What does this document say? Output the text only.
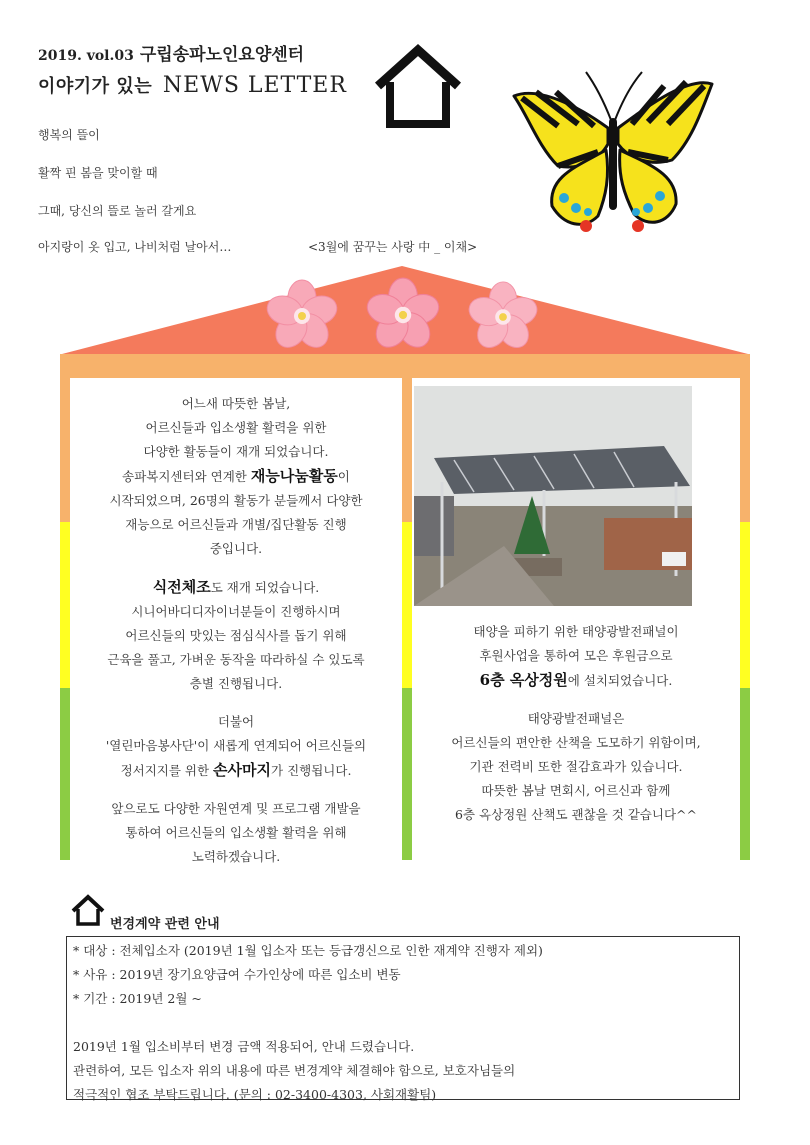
2019. vol.03 구립송파노인요양센터
이야기가 있는 NEWS LETTER
행복의 뜰이
활짝 핀 봄을 맞이할 때
그때, 당신의 뜰로 놀러 갈게요
아지랑이 옷 입고, 나비처럼 날아서…	<3월에 꿈꾸는 사랑 中 _ 이채>

어느새 따뜻한 봄날,

어르신들과 입소생활 활력을 위한

다양한 활동들이 재개 되었습니다.

송파복지센터와 연계한 재능나눔활동이

시작되었으며, 26명의 활동가 분들께서 다양한

재능으로 어르신들과 개별/집단활동 진행

중입니다.

식전체조도 재개 되었습니다.

시니어바디디자이너분들이 진행하시며

어르신들의 맛있는 점심식사를 돕기 위해

근육을 풀고, 가벼운 동작을 따라하실 수 있도록

층별 진행됩니다.

더불어

'열린마음봉사단'이 새롭게 연계되어 어르신들의

정서지지를 위한 손사마지가 진행됩니다.

앞으로도 다양한 자원연계 및 프로그램 개발을

통하여 어르신들의 입소생활 활력을 위해

노력하겠습니다.

태양을 피하기 위한 태양광발전패널이

후원사업을 통하여 모은 후원금으로

6층 옥상정원에 설치되었습니다.

태양광발전패널은

어르신들의 편안한 산책을 도모하기 위함이며,

기관 전력비 또한 절감효과가 있습니다.

따뜻한 봄날 면회시, 어르신과 함께

6층 옥상정원 산책도 괜찮을 것 같습니다^^

변경계약 관련 안내

* 대상 : 전체입소자 (2019년 1월 입소자 또는 등급갱신으로 인한 재계약 진행자 제외)

* 사유 : 2019년 장기요양급여 수가인상에 따른 입소비 변동

* 기간 : 2019년 2월 ~

2019년 1월 입소비부터 변경 금액 적용되어, 안내 드렸습니다.

관련하여, 모든 입소자 위의 내용에 따른 변경계약 체결해야 함으로, 보호자님들의

적극적인 협조 부탁드립니다. (문의 : 02-3400-4303, 사회재활팀)
